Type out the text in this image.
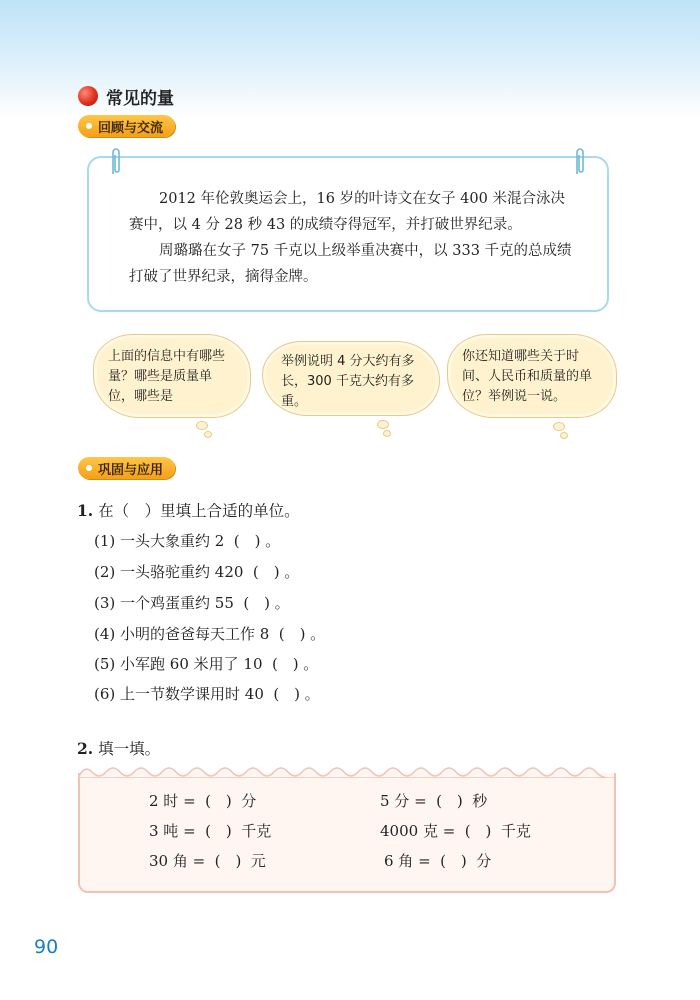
常见的量
回顾与交流

2012 年伦敦奥运会上，16 岁的叶诗文在女子 400 米混合泳决赛中，以 4 分 28 秒 43 的成绩夺得冠军，并打破世界纪录。

周璐璐在女子 75 千克以上级举重决赛中，以 333 千克的总成绩打破了世界纪录，摘得金牌。

上面的信息中有哪些量？哪些是质量单位，哪些是
举例说明 4 分大约有多长，300 千克大约有多重。
你还知道哪些关于时间、人民币和质量的单位？举例说一说。
巩固与应用
1. 在（　）里填上合适的单位。
(1) 一头大象重约 2 (　) 。
(2) 一头骆驼重约 420 (　) 。
(3) 一个鸡蛋重约 55 (　) 。
(4) 小明的爸爸每天工作 8 (　) 。
(5) 小军跑 60 米用了 10 (　) 。
(6) 上一节数学课用时 40 (　) 。
2. 填一填。
2 时 = (　) 分	5 分 = (　) 秒
3 吨 = (　) 千克	4000 克 = (　) 千克
30 角 = (　) 元	6 角 = (　) 分
90
